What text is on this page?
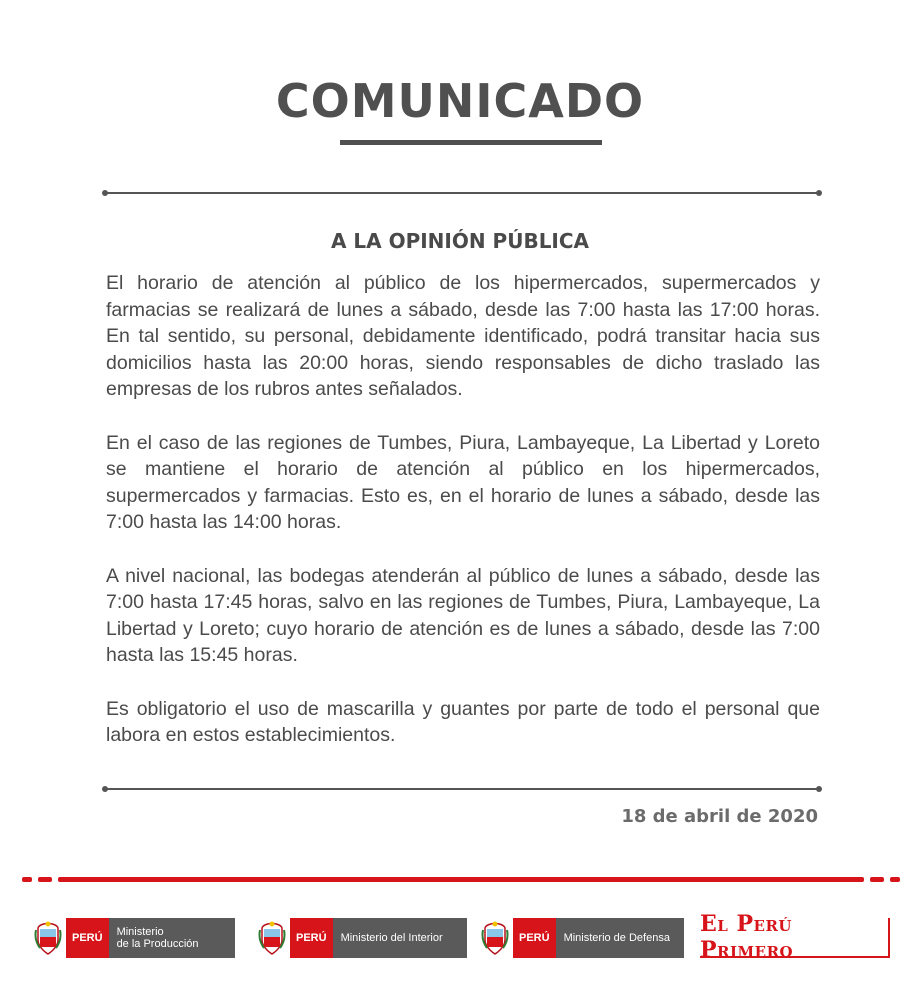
COMUNICADO
A LA OPINIÓN PÚBLICA

El horario de atención al público de los hipermercados, supermercados y farmacias se realizará de lunes a sábado, desde las 7:00 hasta las 17:00 horas. En tal sentido, su personal, debidamente identificado, podrá transitar hacia sus domicilios hasta las 20:00 horas, siendo responsables de dicho traslado las empresas de los rubros antes señalados.

En el caso de las regiones de Tumbes, Piura, Lambayeque, La Libertad y Loreto se mantiene el horario de atención al público en los hipermercados, supermercados y farmacias. Esto es, en el horario de lunes a sábado, desde las 7:00 hasta las 14:00 horas.

A nivel nacional, las bodegas atenderán al público de lunes a sábado, desde las 7:00 hasta 17:45 horas, salvo en las regiones de Tumbes, Piura, Lambayeque, La Libertad y Loreto; cuyo horario de atención es de lunes a sábado, desde las 7:00 hasta las 15:45 horas.

Es obligatorio el uso de mascarilla y guantes por parte de todo el personal que labora en estos establecimientos.

18 de abril de 2020
PERÚ	Ministerio
de la Producción	PERÚ	Ministerio del Interior	PERÚ	Ministerio de Defensa
El Perú Primero
